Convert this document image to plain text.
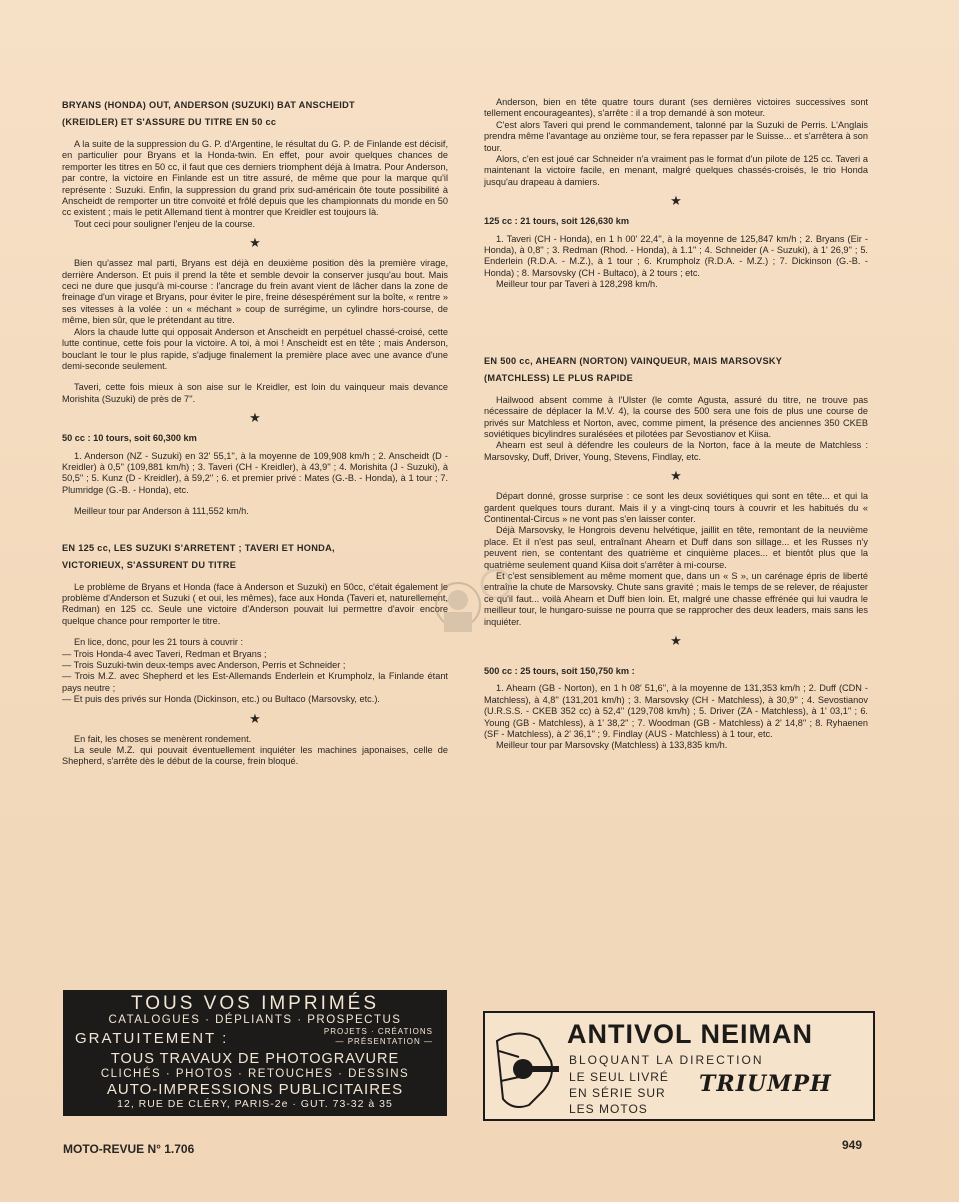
BRYANS (HONDA) OUT, ANDERSON (SUZUKI) BAT ANSCHEIDT
(KREIDLER) ET S'ASSURE DU TITRE EN 50 cc

A la suite de la suppression du G. P. d'Argentine, le résultat du G. P. de Finlande est décisif, en particulier pour Bryans et la Honda-twin. En effet, pour avoir quelques chances de remporter les titres en 50 cc, il faut que ces derniers triomphent déjà à Imatra. Pour Anderson, par contre, la victoire en Finlande est un titre assuré, de même que pour la marque qu'il représente : Suzuki. Enfin, la suppression du grand prix sud-américain ôte toute possibilité à Anscheidt de remporter un titre convoité et frôlé depuis que les championnats du monde en 50 cc existent ; mais le petit Allemand tient à montrer que Kreidler est toujours là.

Tout ceci pour souligner l'enjeu de la course.

★

Bien qu'assez mal parti, Bryans est déjà en deuxième position dès la première virage, derrière Anderson. Et puis il prend la tête et semble devoir la conserver jusqu'au bout. Mais ceci ne dure que jusqu'à mi-course : l'ancrage du frein avant vient de lâcher dans la zone de freinage d'un virage et Bryans, pour éviter le pire, freine désespérément sur la boîte, « rentre » ses vitesses à la volée : un « méchant » coup de surrégime, un cylindre hors-course, de même, bien sûr, que le prétendant au titre.

Alors la chaude lutte qui opposait Anderson et Anscheidt en perpétuel chassé-croisé, cette lutte continue, cette fois pour la victoire. A toi, à moi ! Anscheidt est en tête ; mais Anderson, bouclant le tour le plus rapide, s'adjuge finalement la première place avec une avance d'une demi-seconde seulement.

Taveri, cette fois mieux à son aise sur le Kreidler, est loin du vainqueur mais devance Morishita (Suzuki) de près de 7''.

★
50 cc : 10 tours, soit 60,300 km

1. Anderson (NZ - Suzuki) en 32' 55,1'', à la moyenne de 109,908 km/h ; 2. Anscheidt (D - Kreidler) à 0,5'' (109,881 km/h) ; 3. Taveri (CH - Kreidler), à 43,9'' ; 4. Morishita (J - Suzuki), à 50,5'' ; 5. Kunz (D - Kreidler), à 59,2'' ; 6. et premier privé : Mates (G.-B. - Honda), à 1 tour ; 7. Plumridge (G.-B. - Honda), etc.

Meilleur tour par Anderson à 111,552 km/h.

EN 125 cc, LES SUZUKI S'ARRETENT ; TAVERI ET HONDA,
VICTORIEUX, S'ASSURENT DU TITRE

Le problème de Bryans et Honda (face à Anderson et Suzuki) en 50cc, c'était également le problème d'Anderson et Suzuki ( et oui, les mêmes), face aux Honda (Taveri et, naturellement, Redman) en 125 cc. Seule une victoire d'Anderson pouvait lui permettre d'avoir encore quelque chance pour remporter le titre.

En lice, donc, pour les 21 tours à couvrir :

— Trois Honda-4 avec Taveri, Redman et Bryans ;
— Trois Suzuki-twin deux-temps avec Anderson, Perris et Schneider ;
— Trois M.Z. avec Shepherd et les Est-Allemands Enderlein et Krumpholz, la Finlande étant pays neutre ;
— Et puis des privés sur Honda (Dickinson, etc.) ou Bultaco (Marsovsky, etc.).
★

En fait, les choses se menèrent rondement.

La seule M.Z. qui pouvait éventuellement inquiéter les machines japonaises, celle de Shepherd, s'arrête dès le début de la course, frein bloqué.

Anderson, bien en tête quatre tours durant (ses dernières victoires successives sont tellement encourageantes), s'arrête : il a trop demandé à son moteur.

C'est alors Taveri qui prend le commandement, talonné par la Suzuki de Perris. L'Anglais prendra même l'avantage au onzième tour, se fera repasser par le Suisse... et s'arrêtera à son tour.

Alors, c'en est joué car Schneider n'a vraiment pas le format d'un pilote de 125 cc. Taveri a maintenant la victoire facile, en menant, malgré quelques chassés-croisés, le trio Honda jusqu'au drapeau à damiers.

★
125 cc : 21 tours, soit 126,630 km

1. Taveri (CH - Honda), en 1 h 00' 22,4'', à la moyenne de 125,847 km/h ; 2. Bryans (Eir - Honda), à 0,8'' ; 3. Redman (Rhod. - Honda), à 1.1'' ; 4. Schneider (A - Suzuki), à 1' 26,9'' ; 5. Enderlein (R.D.A. - M.Z.), à 1 tour ; 6. Krumpholz (R.D.A. - M.Z.) ; 7. Dickinson (G.-B. - Honda) ; 8. Marsovsky (CH - Bultaco), à 2 tours ; etc.

Meilleur tour par Taveri à 128,298 km/h.

EN 500 cc, AHEARN (NORTON) VAINQUEUR, MAIS MARSOVSKY
(MATCHLESS) LE PLUS RAPIDE

Hailwood absent comme à l'Ulster (le comte Agusta, assuré du titre, ne trouve pas nécessaire de déplacer la M.V. 4), la course des 500 sera une fois de plus une course de privés sur Matchless et Norton, avec, comme piment, la présence des anciennes 350 CKEB soviétiques bicylindres suralésées et pilotées par Sevostianov et Kiisa.

Ahearn est seul à défendre les couleurs de la Norton, face à la meute de Matchless : Marsovsky, Duff, Driver, Young, Stevens, Findlay, etc.

★

Départ donné, grosse surprise : ce sont les deux soviétiques qui sont en tête... et qui la gardent quelques tours durant. Mais il y a vingt-cinq tours à couvrir et les habitués du « Continental-Circus » ne vont pas s'en laisser conter.

Déjà Marsovsky, le Hongrois devenu helvétique, jaillit en tête, remontant de la neuvième place. Et il n'est pas seul, entraînant Ahearn et Duff dans son sillage... et les Russes n'y peuvent rien, se contentant des quatrième et cinquième places... et bientôt plus que la quatrième seulement quand Kiisa doit s'arrêter à mi-course.

Et c'est sensiblement au même moment que, dans un « S », un carénage épris de liberté entraîne la chute de Marsovsky. Chute sans gravité ; mais le temps de se relever, de réajuster ce qu'il faut... voilà Ahearn et Duff bien loin. Et, malgré une chasse effrénée qui lui vaudra le meilleur tour, le hungaro-suisse ne pourra que se rapprocher des deux leaders, mais sans les inquiéter.

★
500 cc : 25 tours, soit 150,750 km :

1. Ahearn (GB - Norton), en 1 h 08' 51,6'', à la moyenne de 131,353 km/h ; 2. Duff (CDN - Matchless), à 4,8'' (131,201 km/h) ; 3. Marsovsky (CH - Matchless), à 30,9'' ; 4. Sevostianov (U.R.S.S. - CKEB 352 cc) à 52,4'' (129,708 km/h) ; 5. Driver (ZA - Matchless), à 1' 03,1'' ; 6. Young (GB - Matchless), à 1' 38,2'' ; 7. Woodman (GB - Matchless) à 2' 14,8'' ; 8. Ryhaenen (SF - Matchless), à 2' 36,1'' ; 9. Findlay (AUS - Matchless) à 1 tour, etc.

Meilleur tour par Marsovsky (Matchless) à 133,835 km/h.

TOUS VOS IMPRIMÉS
CATALOGUES · DÉPLIANTS · PROSPECTUS
GRATUITEMENT :	PROJETS · CRÉATIONS
— PRÉSENTATION —
TOUS TRAVAUX DE PHOTOGRAVURE
CLICHÉS · PHOTOS · RETOUCHES · DESSINS
AUTO-IMPRESSIONS PUBLICITAIRES
12, RUE DE CLÉRY, PARIS-2e · GUT. 73-32 à 35
ANTIVOL NEIMAN
BLOQUANT LA DIRECTION
LE SEUL LIVRÉ
EN SÉRIE SUR
LES MOTOS
TRIUMPH
MOTO-REVUE N° 1.706	949
